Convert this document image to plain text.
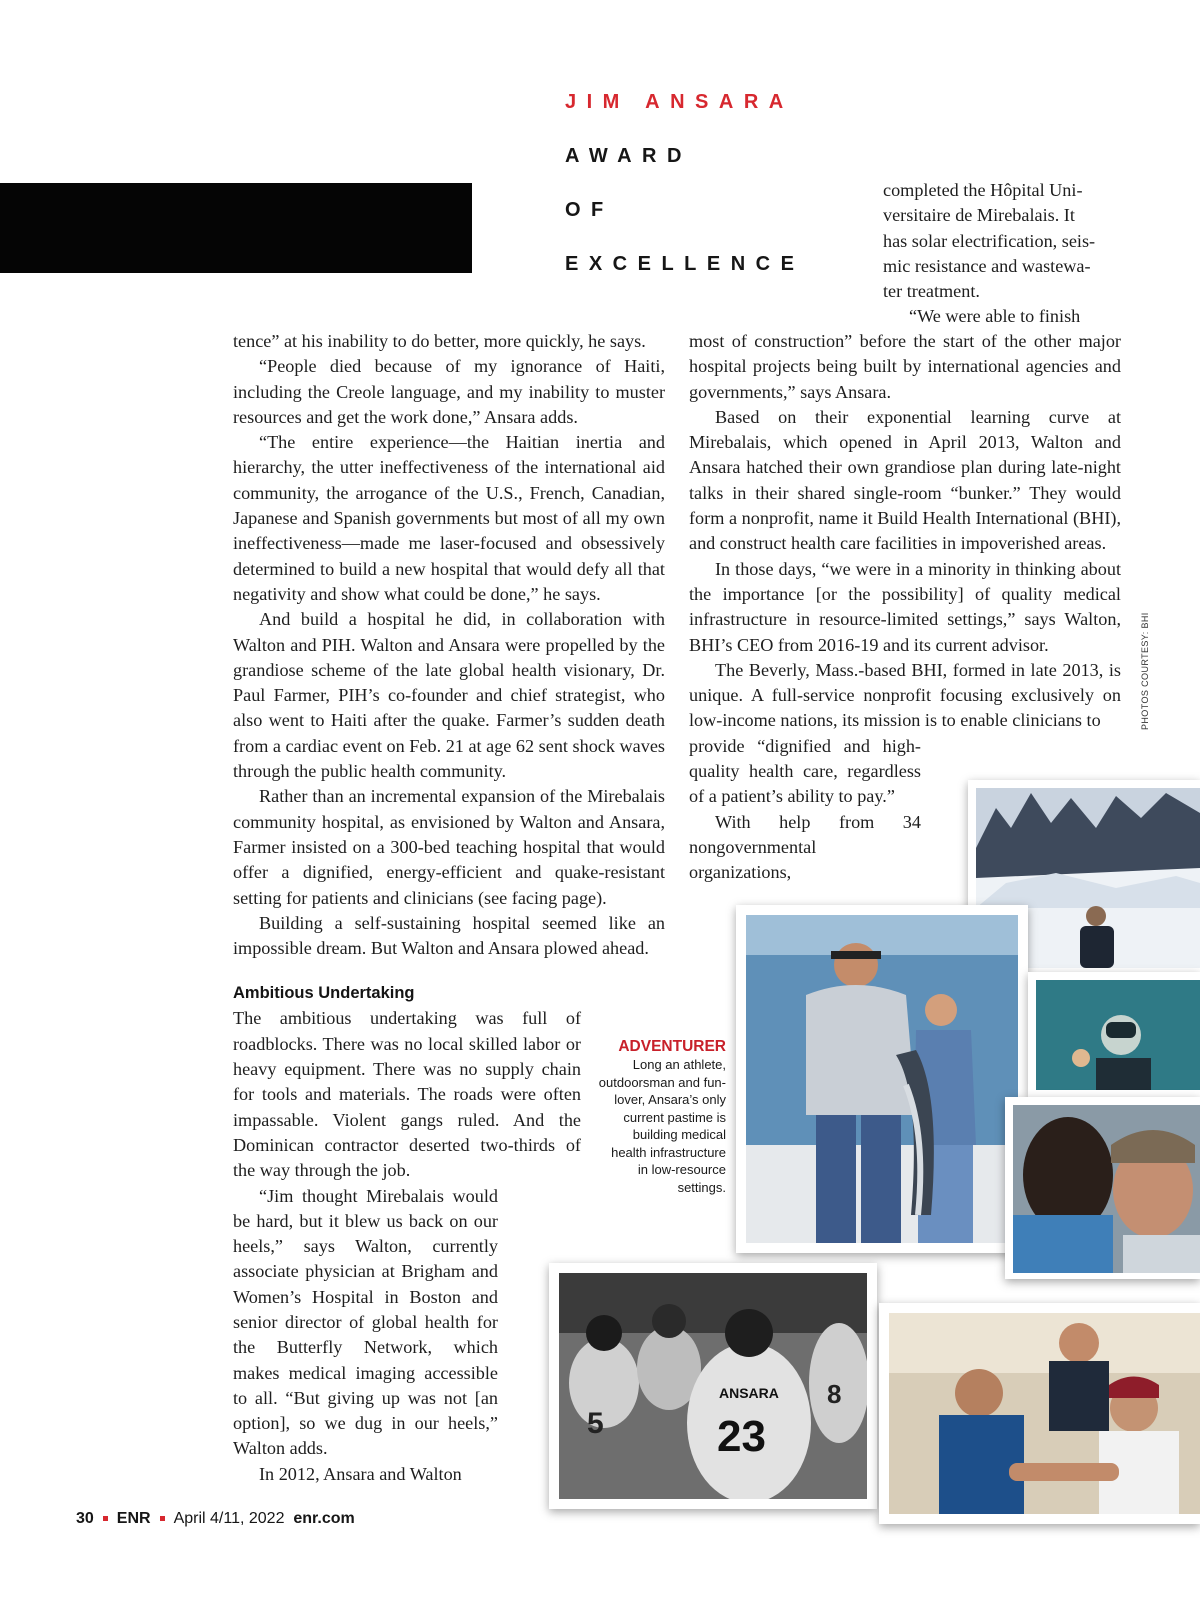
JIM ANSARA
AWARD
OF
EXCELLENCE
completed the Hôpital Uni-
versitaire de Mirebalais. It
has solar electrification, seis-
mic resistance and wastewa-
ter treatment.
“We were able to finish

tence” at his inability to do better, more quickly, he says.

“People died because of my ignorance of Haiti, including the Creole language, and my inability to muster resources and get the work done,” Ansara adds.

“The entire experience—the Haitian inertia and hierarchy, the utter ineffectiveness of the international aid community, the arrogance of the U.S., French, Canadian, Japanese and Spanish governments but most of all my own ineffectiveness—made me laser-focused and obsessively determined to build a new hospital that would defy all that negativity and show what could be done,” he says.

And build a hospital he did, in collaboration with Walton and PIH. Walton and Ansara were propelled by the grandiose scheme of the late global health visionary, Dr. Paul Farmer, PIH’s co-founder and chief strategist, who also went to Haiti after the quake. Farmer’s sudden death from a cardiac event on Feb. 21 at age 62 sent shock waves through the public health community.

Rather than an incremental expansion of the Mirebalais community hospital, as envisioned by Walton and Ansara, Farmer insisted on a 300-bed teaching hospital that would offer a dignified, energy-efficient and quake-resistant setting for patients and clinicians (see facing page).

Building a self-sustaining hospital seemed like an impossible dream. But Walton and Ansara plowed ahead.

Ambitious Undertaking

The ambitious undertaking was full of roadblocks. There was no local skilled labor or heavy equipment. There was no supply chain for tools and materials. The roads were often impassable. Violent gangs ruled. And the Dominican contractor deserted two-thirds of the way through the job.

“Jim thought Mirebalais would be hard, but it blew us back on our heels,” says Walton, currently associate physician at Brigham and Women’s Hospital in Boston and senior director of global health for the Butterfly Network, which makes medical imaging accessible to all. “But giving up was not [an option], so we dug in our heels,” Walton adds.

In 2012, Ansara and Walton

most of construction” before the start of the other major hospital projects being built by international agencies and governments,” says Ansara.

Based on their exponential learning curve at Mirebalais, which opened in April 2013, Walton and Ansara hatched their own grandiose plan during late-night talks in their shared single-room “bunker.” They would form a nonprofit, name it Build Health International (BHI), and construct health care facilities in impoverished areas.

In those days, “we were in a minority in thinking about the importance [or the possibility] of quality medical infrastructure in resource-limited settings,” says Walton, BHI’s CEO from 2016-19 and its current advisor.

The Beverly, Mass.-based BHI, formed in late 2013, is unique. A full-service nonprofit focusing exclusively on low-income nations, its mission is to enable clinicians to

provide “dignified and high-quality health care, regardless of a patient’s ability to pay.”

With help from 34 nongovernmental organizations,

PHOTOS COURTESY: BHI
ADVENTURER
Long an athlete, outdoorsman and fun-lover, Ansara’s only current pastime is building medical health infrastructure in low-resource settings.
5
ANSARA
23
8
30 ENR April 4/11, 2022 enr.com
